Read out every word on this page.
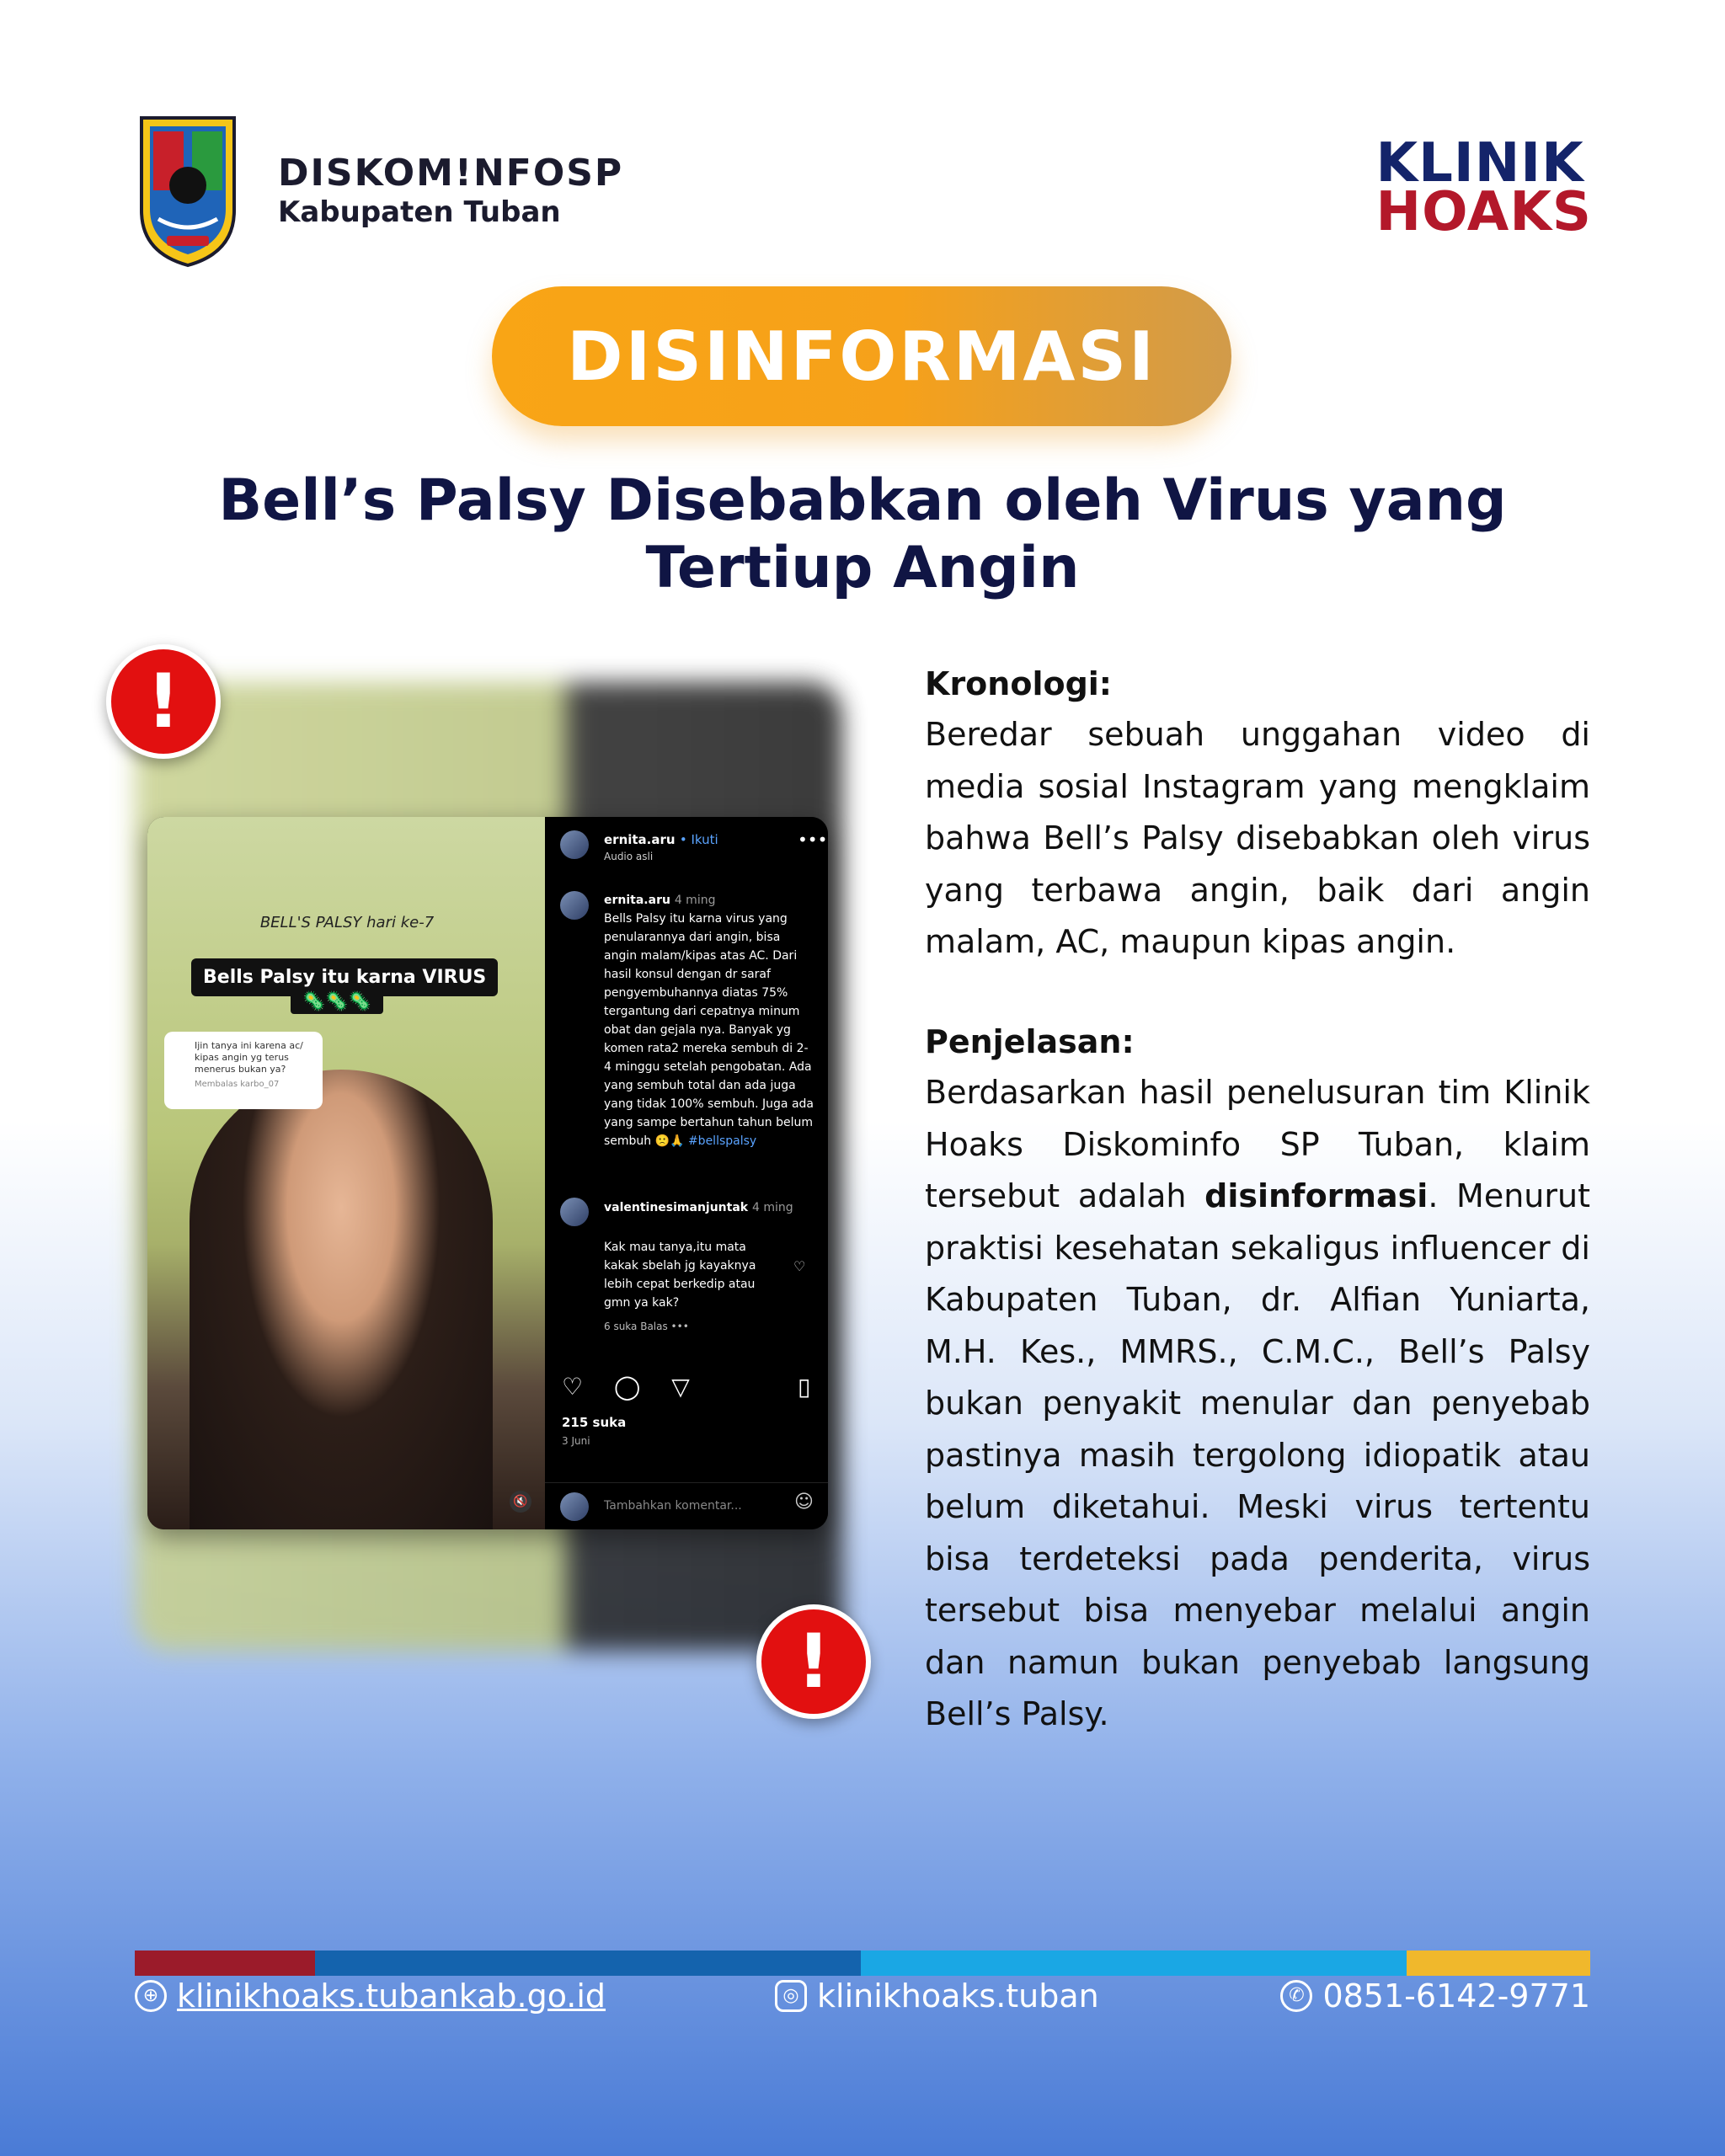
DISKOM!NFOSP
Kabupaten Tuban
KLINIK
HOAKS
DISINFORMASI
Bell’s Palsy Disebabkan oleh Virus yang Tertiup Angin
BELL'S PALSY hari ke-7
Bells Palsy itu karna VIRUS
🦠🦠🦠
Ijin tanya ini karena ac/ kipas angin yg terus menerus bukan ya?
Membalas karbo_07
🔇
ernita.aru • Ikuti
Audio asli
•••
ernita.aru 4 ming
Bells Palsy itu karna virus yang penularannya dari angin, bisa angin malam/kipas atas AC. Dari hasil konsul dengan dr saraf pengyembuhannya diatas 75% tergantung dari cepatnya minum obat dan gejala nya. Banyak yg komen rata2 mereka sembuh di 2-4 minggu setelah pengobatan. Ada yang sembuh total dan ada juga yang tidak 100% sembuh. Juga ada yang sampe bertahun tahun belum sembuh 🙁🙏 #bellspalsy
valentinesimanjuntak 4 ming
Kak mau tanya,itu mata kakak sbelah jg kayaknya lebih cepat berkedip atau gmn ya kak?
♡
6 suka Balas •••
♡ ◯ ▽	▯
215 suka
3 Juni
Tambahkan komentar...	☺
!
!
Kronologi:
Beredar sebuah unggahan video di media sosial Instagram yang mengklaim bahwa Bell’s Palsy disebabkan oleh virus yang terbawa angin, baik dari angin malam, AC, maupun kipas angin.
Penjelasan:
Berdasarkan hasil penelusuran tim Klinik Hoaks Diskominfo SP Tuban, klaim tersebut adalah disinformasi. Menurut praktisi kesehatan sekaligus influencer di Kabupaten Tuban, dr. Alfian Yuniarta, M.H. Kes., MMRS., C.M.C., Bell’s Palsy bukan penyakit menular dan penyebab pastinya masih tergolong idiopatik atau belum diketahui. Meski virus tertentu bisa terdeteksi pada penderita, virus tersebut bisa menyebar melalui angin dan namun bukan penyebab langsung Bell’s Palsy.
⊕ klinikhoaks.tubankab.go.id	◎ klinikhoaks.tuban	✆ 0851-6142-9771
